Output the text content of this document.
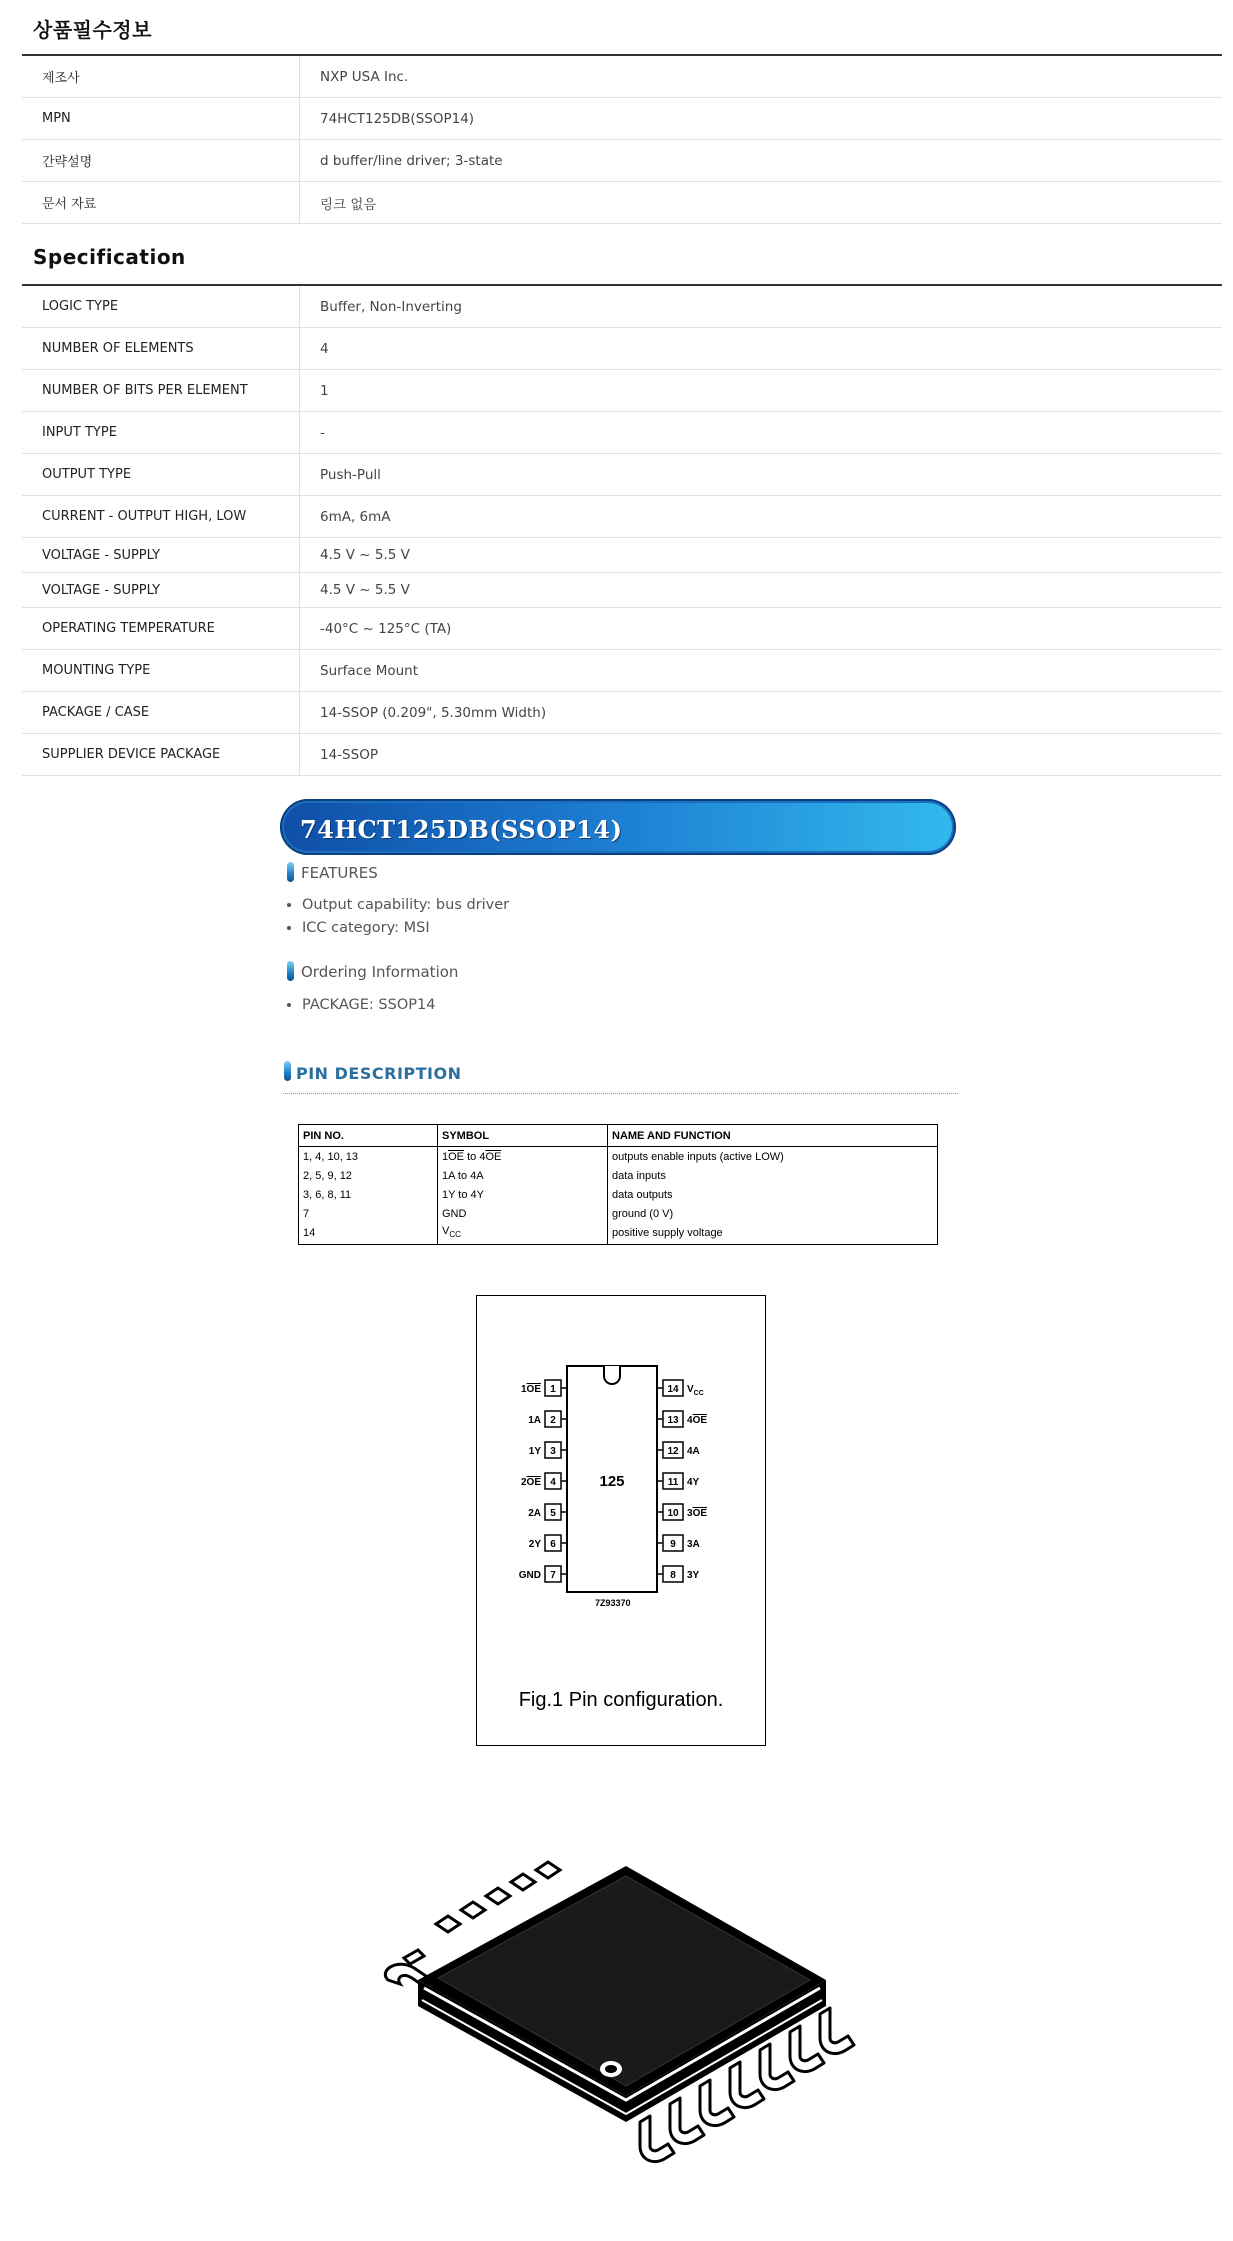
상품필수정보
제조사	NXP USA Inc.
MPN	74HCT125DB(SSOP14)
간략설명	d buffer/line driver; 3-state
문서 자료	링크 없음
Specification
LOGIC TYPE	Buffer, Non-Inverting
NUMBER OF ELEMENTS	4
NUMBER OF BITS PER ELEMENT	1
INPUT TYPE	-
OUTPUT TYPE	Push-Pull
CURRENT - OUTPUT HIGH, LOW	6mA, 6mA
VOLTAGE - SUPPLY	4.5 V ~ 5.5 V
VOLTAGE - SUPPLY	4.5 V ~ 5.5 V
OPERATING TEMPERATURE	-40°C ~ 125°C (TA)
MOUNTING TYPE	Surface Mount
PACKAGE / CASE	14-SSOP (0.209", 5.30mm Width)
SUPPLIER DEVICE PACKAGE	14-SSOP
74HCT125DB(SSOP14)
FEATURES
• Output capability: bus driver
• ICC category: MSI
Ordering Information
• PACKAGE: SSOP14
PIN DESCRIPTION
PIN NO.	SYMBOL	NAME AND FUNCTION
1, 4, 10, 13	$1\overline{OE}$ to $4\overline{OE}$	outputs enable inputs (active LOW)
2, 5, 9, 12	1A to 4A	data inputs
3, 6, 8, 11	1Y to 4Y	data outputs
7	GND	ground (0 V)
14	$V_{CC}$	positive supply voltage
125
7Z93370
1
1OE
2
1A
3
1Y
4
2OE
5
2A
6
2Y
7
GND
14 $V_{CC}$
13 4OE
12 4A
11 4Y
10 3OE
9 3A
8 3Y
Fig.1 Pin configuration.
